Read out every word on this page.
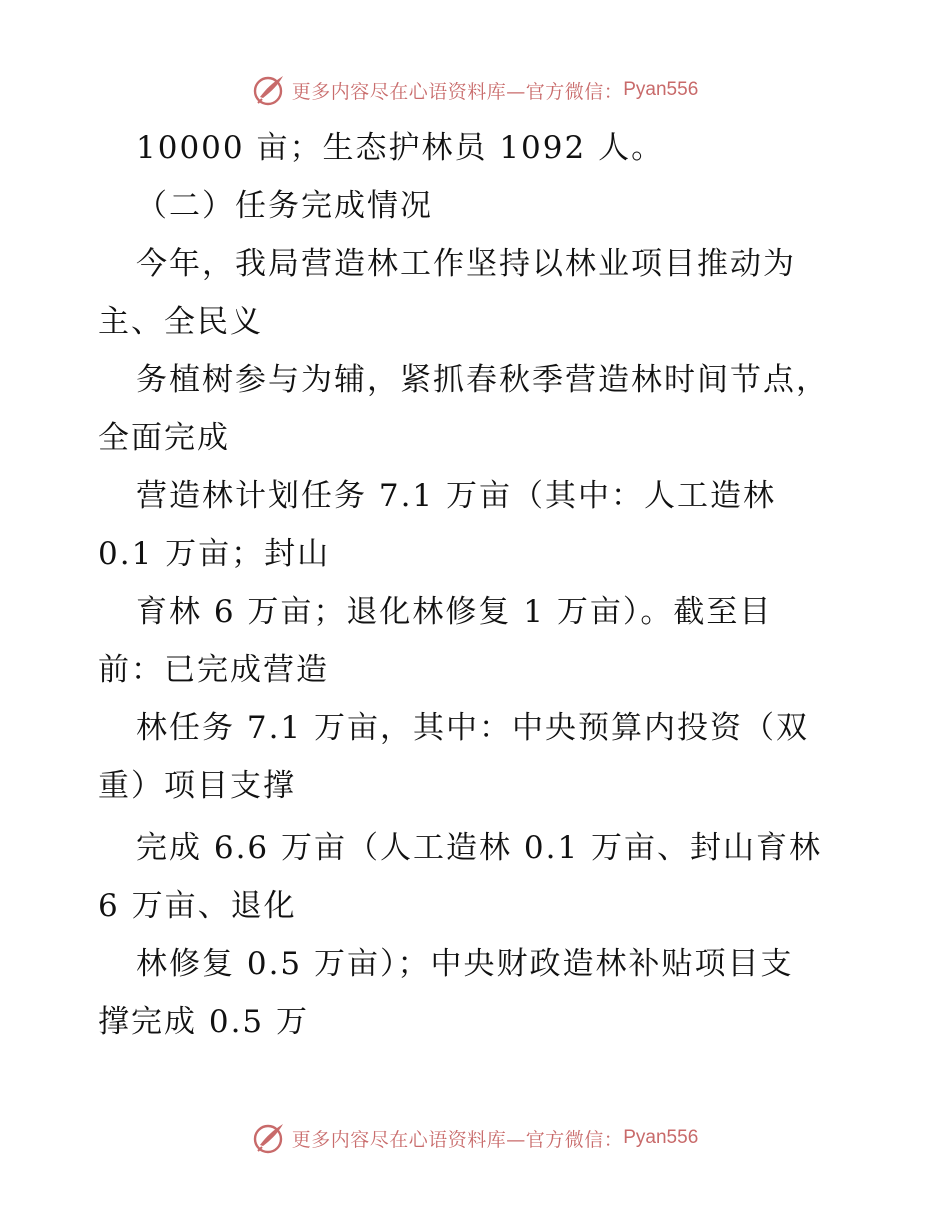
更多内容尽在心语资料库—官方微信： Pyan556
10000 亩；生态护林员 1092 人。
（二）任务完成情况
今年，我局营造林工作坚持以林业项目推动为
主、全民义
务植树参与为辅，紧抓春秋季营造林时间节点，
全面完成
营造林计划任务 7.1 万亩（其中：人工造林
0.1 万亩；封山
育林 6 万亩；退化林修复 1 万亩）。截至目
前：已完成营造
林任务 7.1 万亩，其中：中央预算内投资（双
重）项目支撑
完成 6.6 万亩（人工造林 0.1 万亩、封山育林
6 万亩、退化
林修复 0.5 万亩）；中央财政造林补贴项目支
撑完成 0.5 万
更多内容尽在心语资料库—官方微信： Pyan556
